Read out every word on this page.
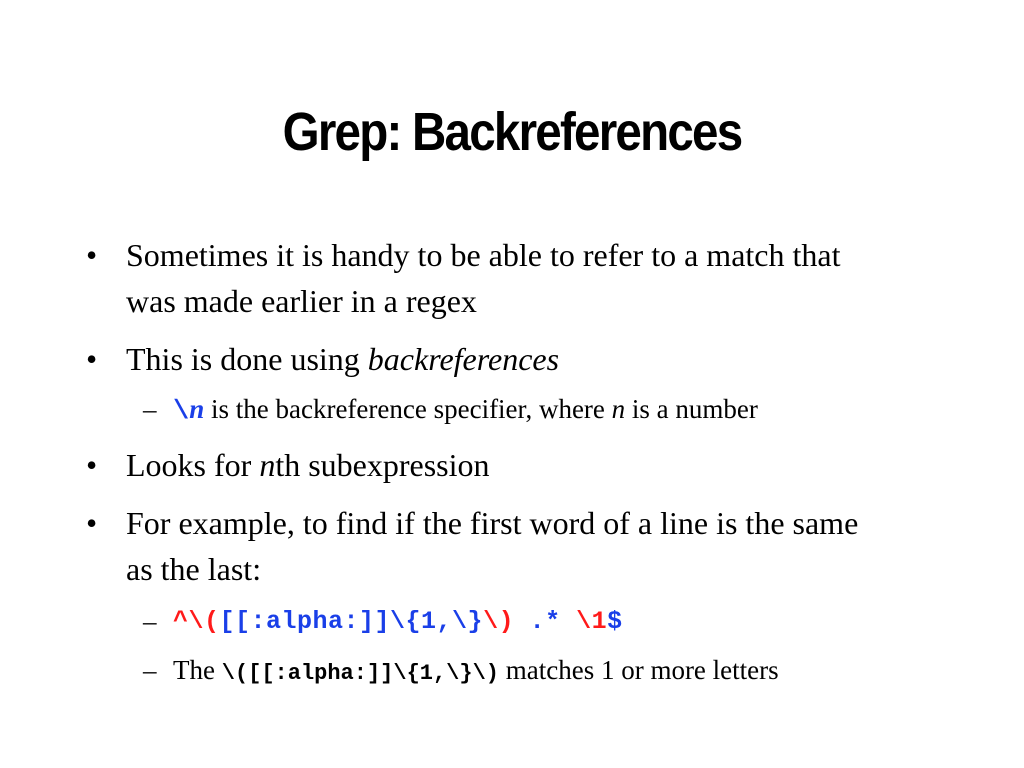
Grep: Backreferences
• Sometimes it is handy to be able to refer to a match that was made earlier in a regex
• This is done using backreferences
– \n is the backreference specifier, where n is a number
• Looks for nth subexpression
• For example, to find if the first word of a line is the same as the last:
– ^\([[:alpha:]]\{1,\}\) .* \1$
– The \([[:alpha:]]\{1,\}\) matches 1 or more letters
